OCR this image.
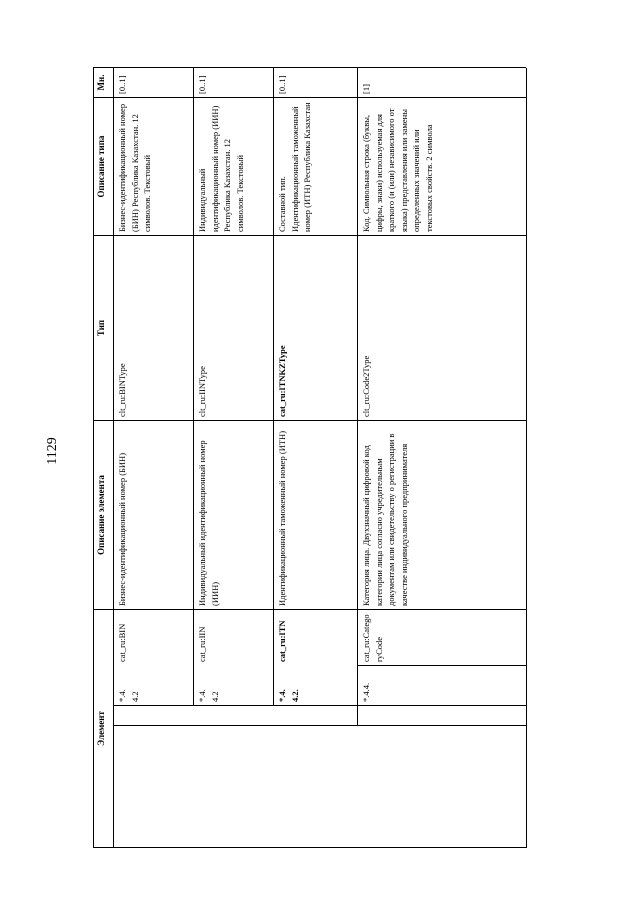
1129
Элемент
Описание элемента
Тип
Описание типа
Мн.
*.4.4.2
cat_ru:BIN
Бизнес-идентификационный номер (БИН)
clt_ru:BINType
Бизнес-идентификационный номер (БИН) Республика Казахстан. 12 символов. Текстовый
[0..1]
*.4.4.2
cat_ru:IIN
Индивидуальный идентификационный номер (ИИН)
clt_ru:IINType
Индивидуальный идентификационный номер (ИИН) Республика Казахстан. 12 символов. Текстовый
[0..1]
*.4.4.2.
cat_ru:ITN
Идентификационный таможенный номер (ИТН)
cat_ru:ITNKZType
Составной тип. Идентификационный таможенный номер (ИТН) Республика Казахстан
[0..1]
*.4.4.
cat_ru:CategoryCode
Категория лица. Двухзначный цифровой код категории лица согласно учредительным документам или свидетельству о регистрации в качестве индивидуального предпринимателя
clt_ru:Code2Type
Код. Символьная строка (буквы, цифры, знаки) используемая для краткого (и (или) независимого от языка) представления или замены определенных значений или текстовых свойств. 2 символа
[1]
